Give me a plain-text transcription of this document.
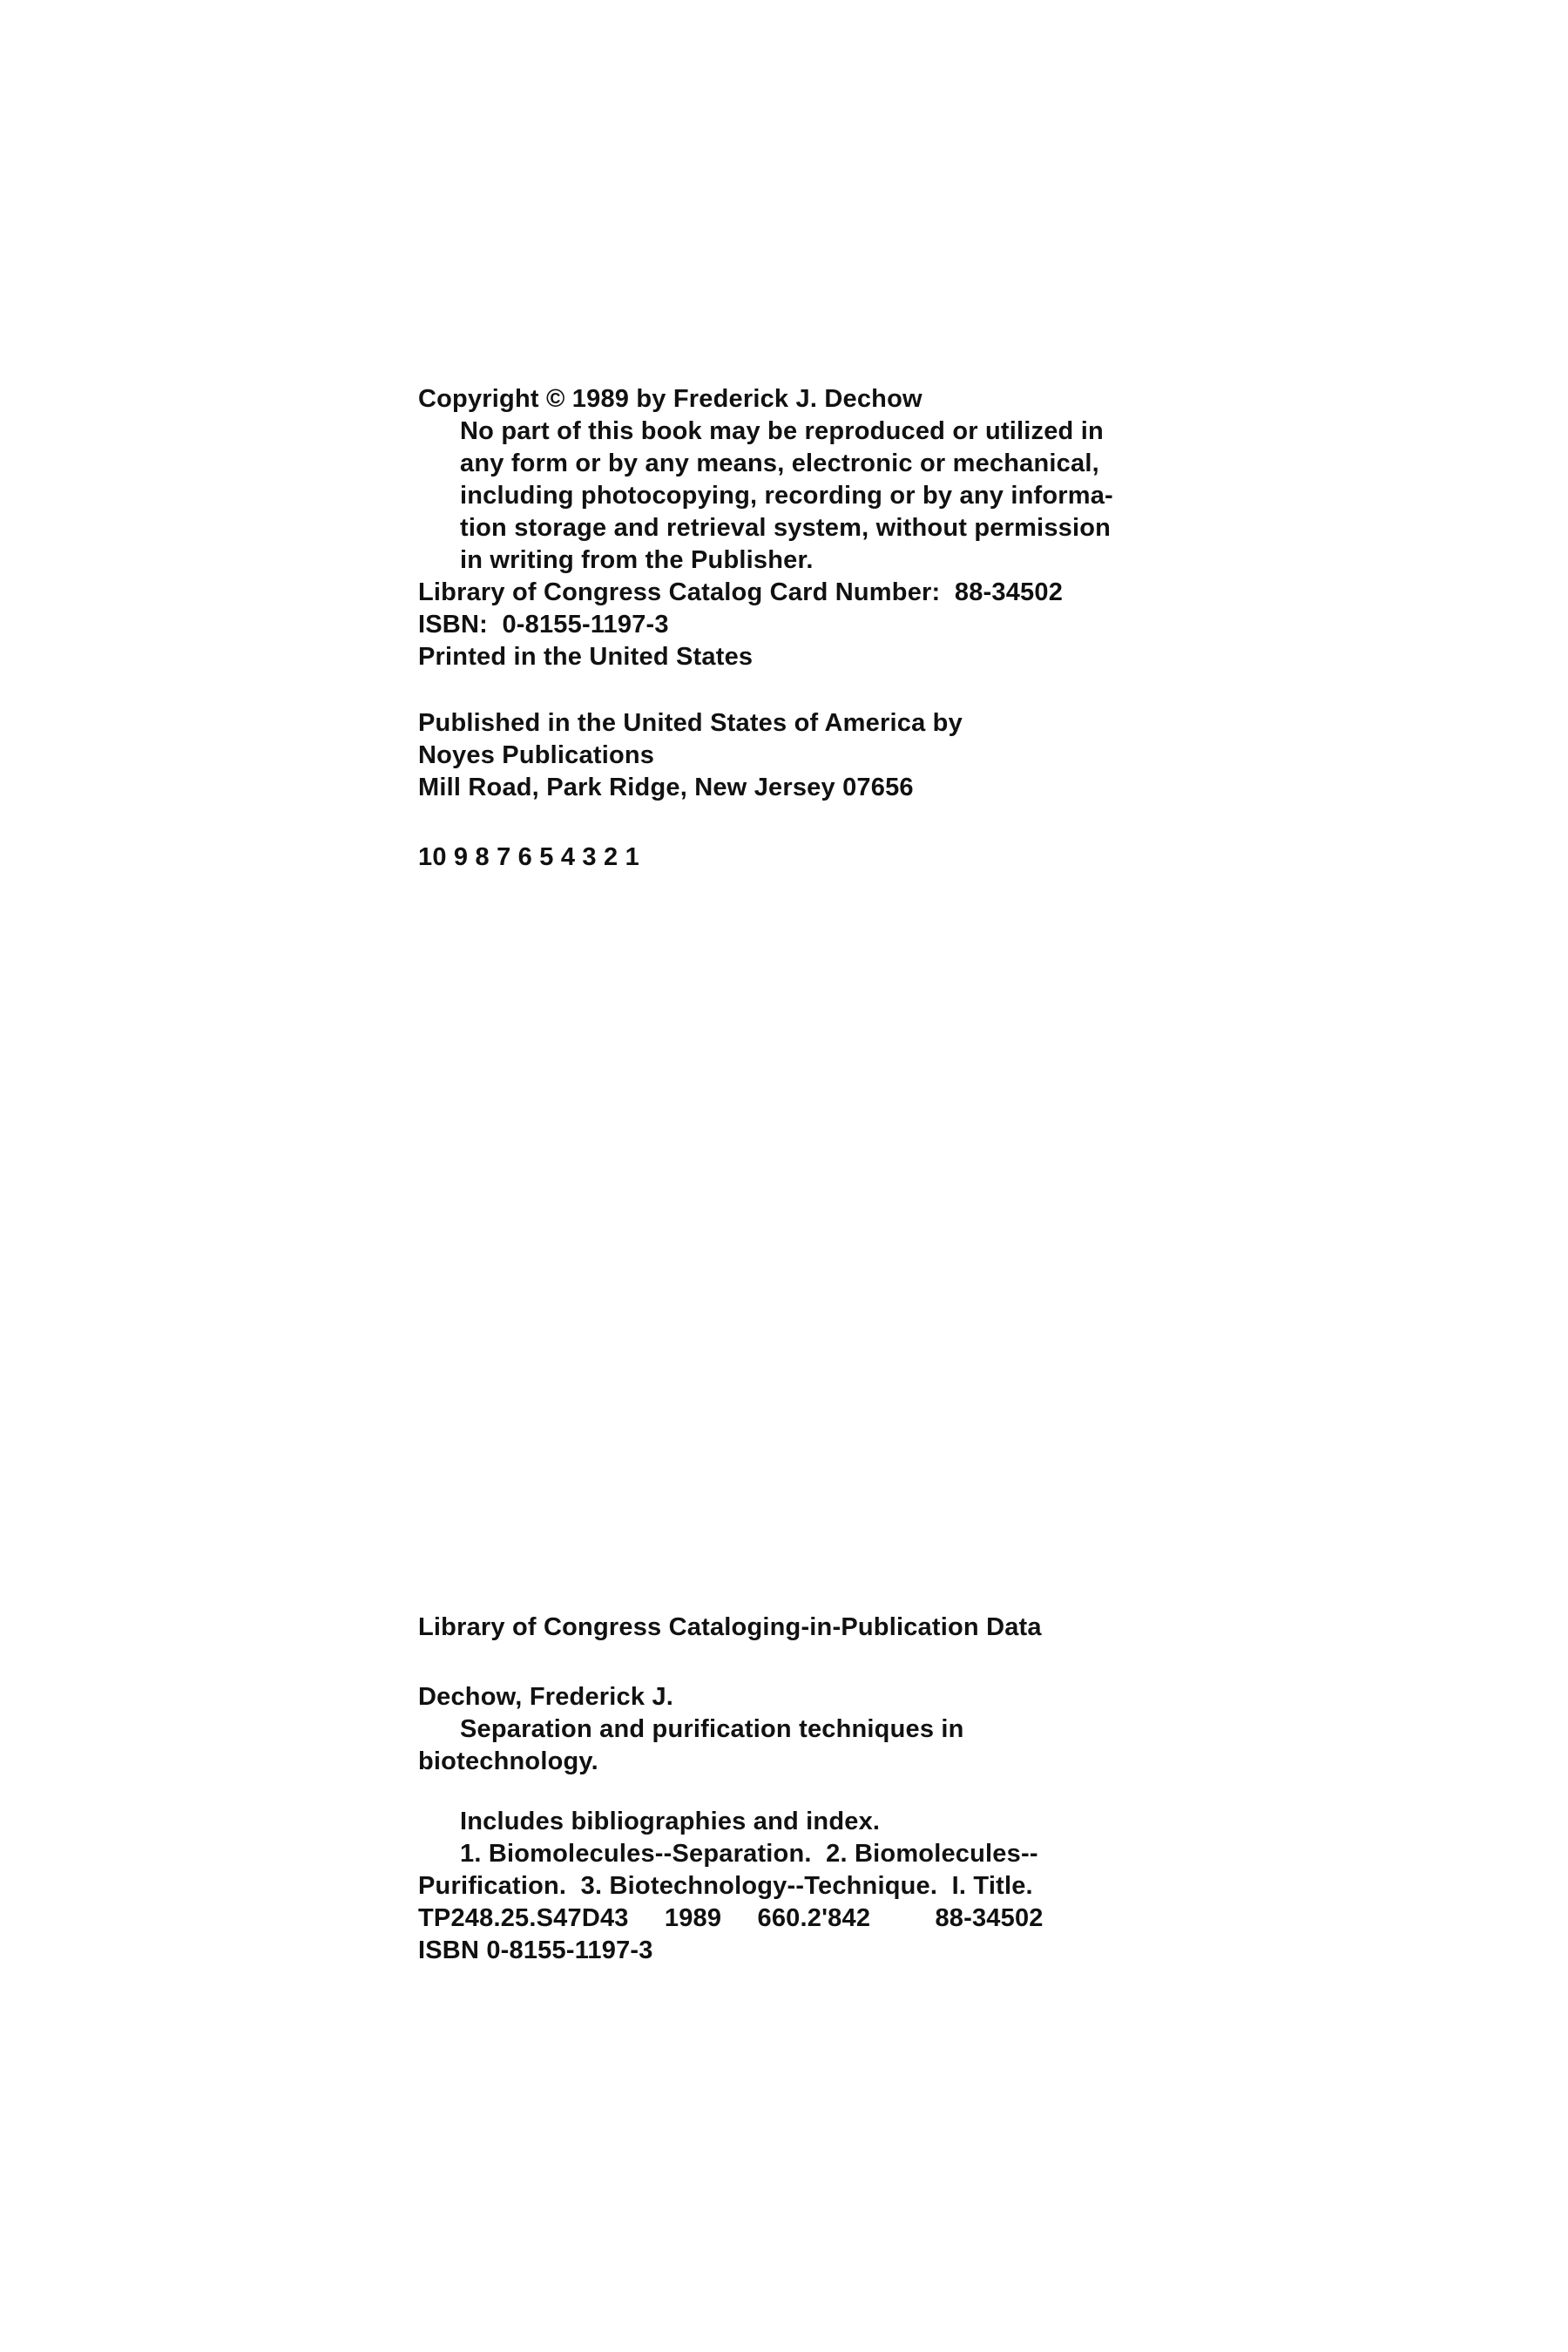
Copyright © 1989 by Frederick J. Dechow
No part of this book may be reproduced or utilized in
any form or by any means, electronic or mechanical,
including photocopying, recording or by any informa-
tion storage and retrieval system, without permission
in writing from the Publisher.
Library of Congress Catalog Card Number:  88-34502
ISBN:  0-8155-1197-3
Printed in the United States
Published in the United States of America by
Noyes Publications
Mill Road, Park Ridge, New Jersey 07656
10 9 8 7 6 5 4 3 2 1
Library of Congress Cataloging-in-Publication Data
Dechow, Frederick J.
Separation and purification techniques in
biotechnology.
Includes bibliographies and index.
1. Biomolecules--Separation.  2. Biomolecules--
Purification.  3. Biotechnology--Technique.  I. Title.
TP248.25.S47D43     1989     660.2'842         88-34502
ISBN 0-8155-1197-3
